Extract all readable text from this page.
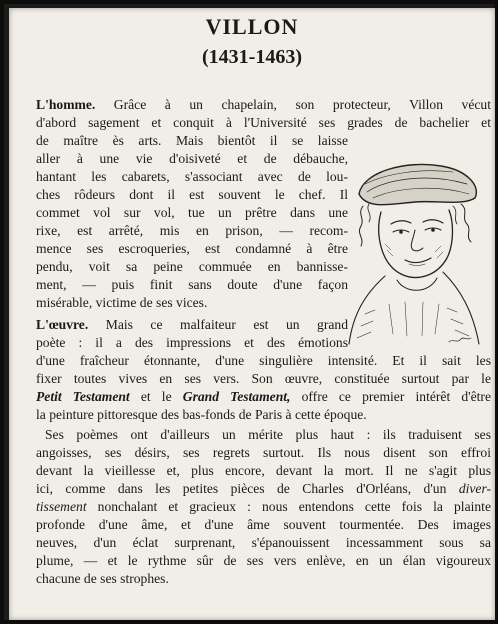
VILLON
(1431-1463)
L'homme. Grâce à un chapelain, son protecteur, Villon vécut
d'abord sagement et conquit à l'Université ses grades de bachelier et
de maître ès arts. Mais bientôt il se laisse
aller à une vie d'oisiveté et de débauche,
hantant les cabarets, s'associant avec de lou-
ches rôdeurs dont il est souvent le chef. Il
commet vol sur vol, tue un prêtre dans une
rixe, est arrêté, mis en prison, — recom-
mence ses escroqueries, est condamné à être
pendu, voit sa peine commuée en bannisse-
ment, — puis finit sans doute d'une façon
misérable, victime de ses vices.
L'œuvre. Mais ce malfaiteur est un grand
poète : il a des impressions et des émotions
d'une fraîcheur étonnante, d'une singulière intensité. Et il sait les
fixer toutes vives en ses vers. Son œuvre, constituée surtout par le
Petit Testament et le Grand Testament, offre ce premier intérêt d'être
la peinture pittoresque des bas-fonds de Paris à cette époque.
Ses poèmes ont d'ailleurs un mérite plus haut : ils traduisent ses
angoisses, ses désirs, ses regrets surtout. Ils nous disent son effroi
devant la vieillesse et, plus encore, devant la mort. Il ne s'agit plus
ici, comme dans les petites pièces de Charles d'Orléans, d'un diver-
tissement nonchalant et gracieux : nous entendons cette fois la plainte
profonde d'une âme, et d'une âme souvent tourmentée. Des images
neuves, d'un éclat surprenant, s'épanouissent incessamment sous sa
plume, — et le rythme sûr de ses vers enlève, en un élan vigoureux
chacune de ses strophes.
